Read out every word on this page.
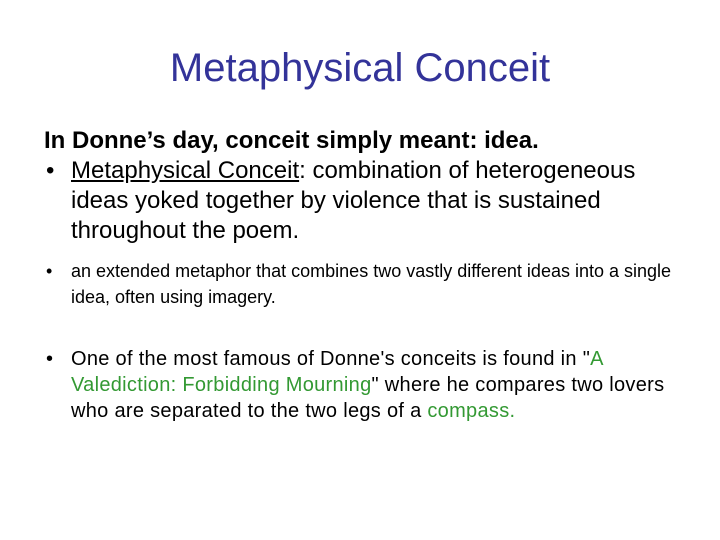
Metaphysical Conceit

In Donne’s day, conceit simply meant: idea.

• Metaphysical Conceit: combination of heterogeneous ideas yoked together by violence that is sustained throughout the poem.
• an extended metaphor that combines two vastly different ideas into a single idea, often using imagery.
• One of the most famous of Donne's conceits is found in "A Valediction: Forbidding Mourning" where he compares two lovers who are separated to the two legs of a compass.
